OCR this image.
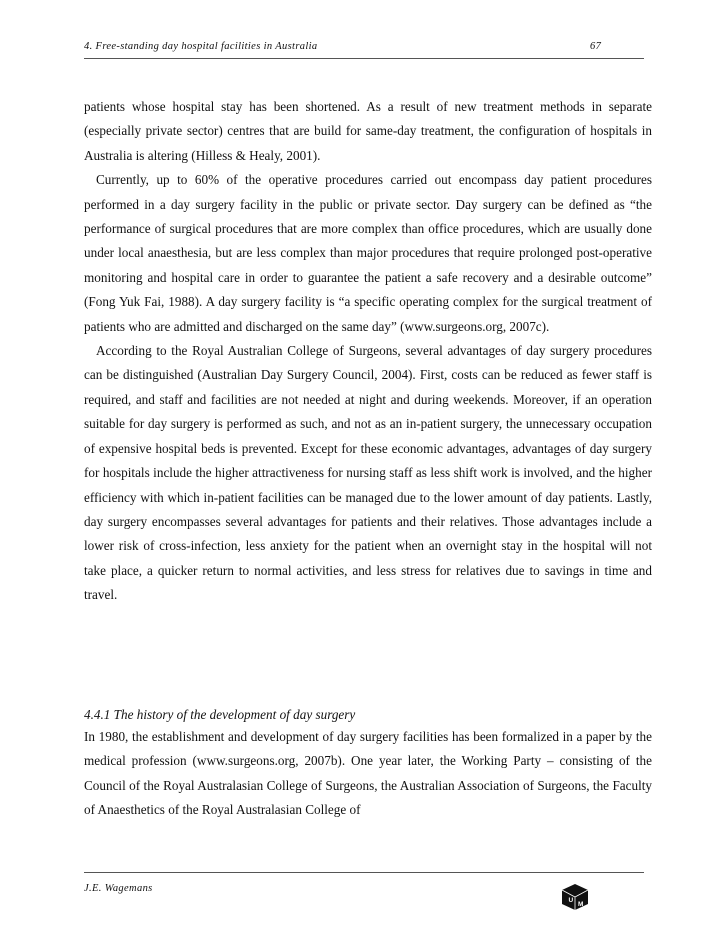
4. Free-standing day hospital facilities in Australia	67

patients whose hospital stay has been shortened. As a result of new treatment methods in separate (especially private sector) centres that are build for same-day treatment, the configuration of hospitals in Australia is altering (Hilless & Healy, 2001).

Currently, up to 60% of the operative procedures carried out encompass day patient procedures performed in a day surgery facility in the public or private sector. Day surgery can be defined as “the performance of surgical procedures that are more complex than office procedures, which are usually done under local anaesthesia, but are less complex than major procedures that require prolonged post-operative monitoring and hospital care in order to guarantee the patient a safe recovery and a desirable outcome” (Fong Yuk Fai, 1988). A day surgery facility is “a specific operating complex for the surgical treatment of patients who are admitted and discharged on the same day” (www.surgeons.org, 2007c).

According to the Royal Australian College of Surgeons, several advantages of day surgery procedures can be distinguished (Australian Day Surgery Council, 2004). First, costs can be reduced as fewer staff is required, and staff and facilities are not needed at night and during weekends. Moreover, if an operation suitable for day surgery is performed as such, and not as an in-patient surgery, the unnecessary occupation of expensive hospital beds is prevented. Except for these economic advantages, advantages of day surgery for hospitals include the higher attractiveness for nursing staff as less shift work is involved, and the higher efficiency with which in-patient facilities can be managed due to the lower amount of day patients. Lastly, day surgery encompasses several advantages for patients and their relatives. Those advantages include a lower risk of cross-infection, less anxiety for the patient when an overnight stay in the hospital will not take place, a quicker return to normal activities, and less stress for relatives due to savings in time and travel.

4.4.1 The history of the development of day surgery

In 1980, the establishment and development of day surgery facilities has been formalized in a paper by the medical profession (www.surgeons.org, 2007b). One year later, the Working Party – consisting of the Council of the Royal Australasian College of Surgeons, the Australian Association of Surgeons, the Faculty of Anaesthetics of the Royal Australasian College of

J.E. Wagemans
U
M
